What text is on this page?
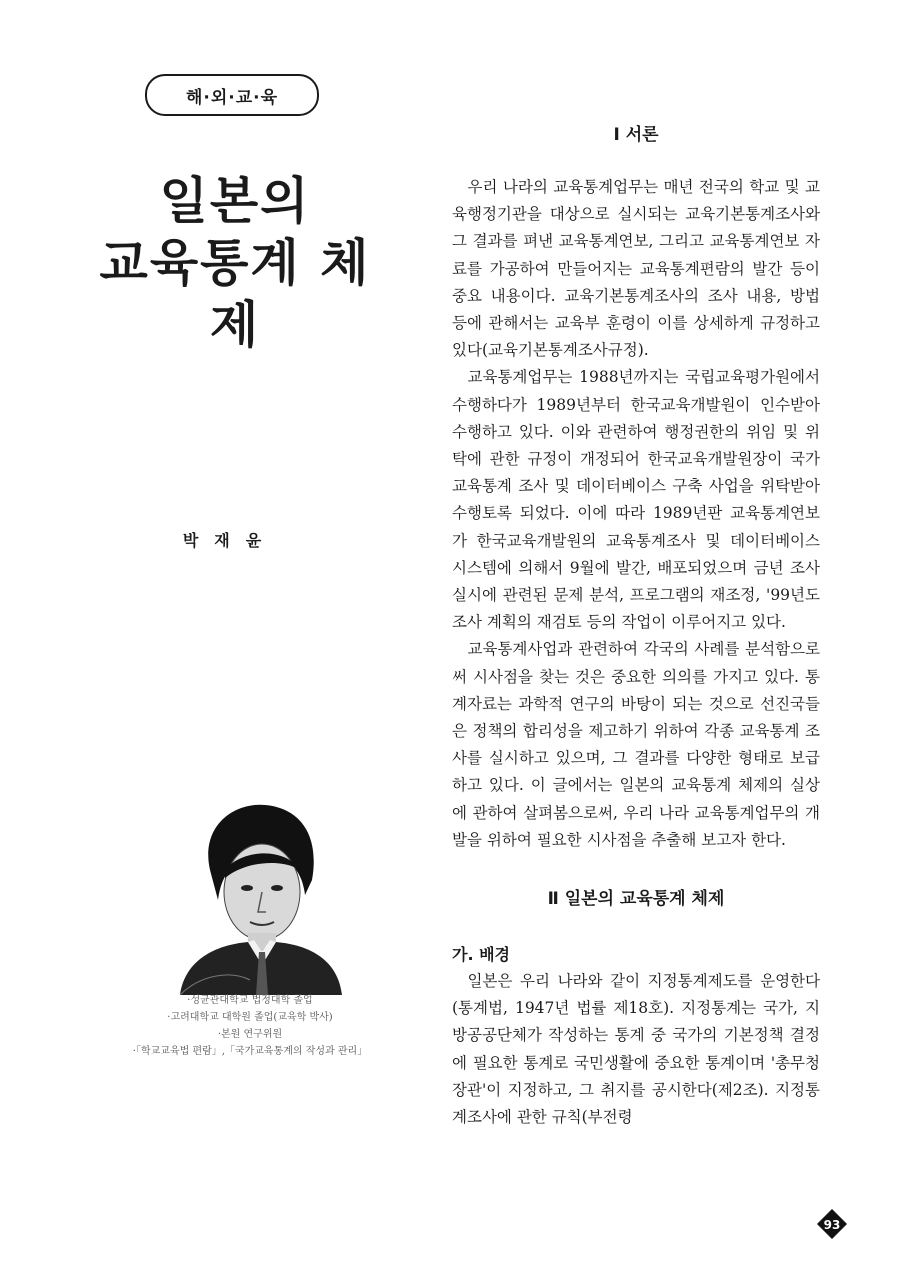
해·외·교·육
일본의
교육통계 체제
박재윤
·성균관대학교 법정대학 졸업
·고려대학교 대학원 졸업(교육학 박사)
·본원 연구위원
·「학교교육법 편람」,「국가교육통계의 작성과 관리」
Ⅰ 서론

우리 나라의 교육통계업무는 매년 전국의 학교 및 교육행정기관을 대상으로 실시되는 교육기본통계조사와 그 결과를 펴낸 교육통계연보, 그리고 교육통계연보 자료를 가공하여 만들어지는 교육통계편람의 발간 등이 중요 내용이다. 교육기본통계조사의 조사 내용, 방법 등에 관해서는 교육부 훈령이 이를 상세하게 규정하고 있다(교육기본통계조사규정).

교육통계업무는 1988년까지는 국립교육평가원에서 수행하다가 1989년부터 한국교육개발원이 인수받아 수행하고 있다. 이와 관련하여 행정권한의 위임 및 위탁에 관한 규정이 개정되어 한국교육개발원장이 국가 교육통계 조사 및 데이터베이스 구축 사업을 위탁받아 수행토록 되었다. 이에 따라 1989년판 교육통계연보가 한국교육개발원의 교육통계조사 및 데이터베이스 시스템에 의해서 9월에 발간, 배포되었으며 금년 조사 실시에 관련된 문제 분석, 프로그램의 재조정, '99년도 조사 계획의 재검토 등의 작업이 이루어지고 있다.

교육통계사업과 관련하여 각국의 사례를 분석함으로써 시사점을 찾는 것은 중요한 의의를 가지고 있다. 통계자료는 과학적 연구의 바탕이 되는 것으로 선진국들은 정책의 합리성을 제고하기 위하여 각종 교육통계 조사를 실시하고 있으며, 그 결과를 다양한 형태로 보급하고 있다. 이 글에서는 일본의 교육통계 체제의 실상에 관하여 살펴봄으로써, 우리 나라 교육통계업무의 개발을 위하여 필요한 시사점을 추출해 보고자 한다.

Ⅱ 일본의 교육통계 체제
가. 배경

일본은 우리 나라와 같이 지정통계제도를 운영한다(통계법, 1947년 법률 제18호). 지정통계는 국가, 지방공공단체가 작성하는 통계 중 국가의 기본정책 결정에 필요한 통계로 국민생활에 중요한 통계이며 '총무청장관'이 지정하고, 그 취지를 공시한다(제2조). 지정통계조사에 관한 규칙(부전령

93
